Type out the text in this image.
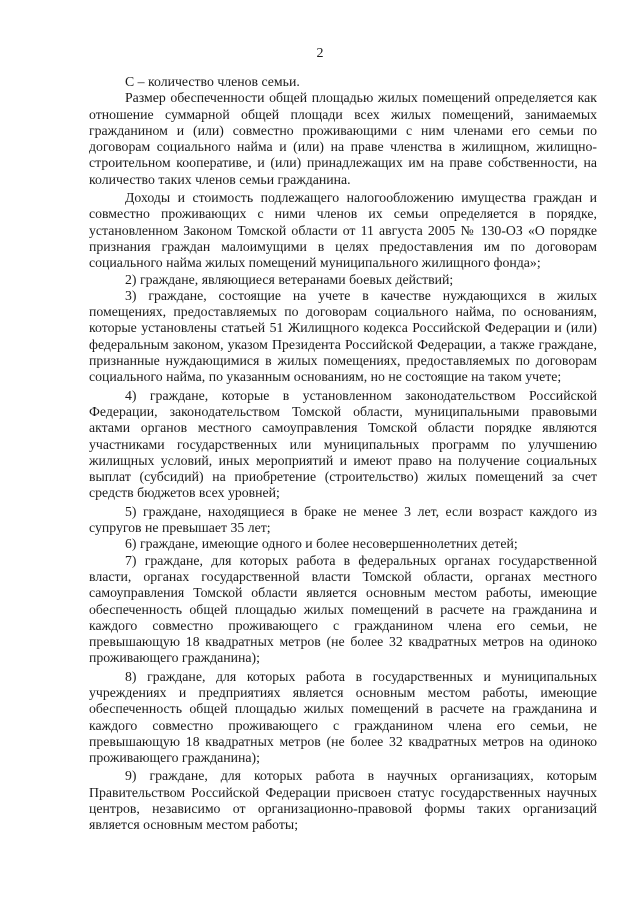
2

С – количество членов семьи.

Размер обеспеченности общей площадью жилых помещений определяется как отношение суммарной общей площади всех жилых помещений, занимаемых гражданином и (или) совместно проживающими с ним членами его семьи по договорам социального найма и (или) на праве членства в жилищном, жилищно-строительном кооперативе, и (или) принадлежащих им на праве собственности, на количество таких членов семьи гражданина.

Доходы и стоимость подлежащего налогообложению имущества граждан и совместно проживающих с ними членов их семьи определяется в порядке, установленном Законом Томской области от 11 августа 2005 № 130-ОЗ «О порядке признания граждан малоимущими в целях предоставления им по договорам социального найма жилых помещений муниципального жилищного фонда»;

2) граждане, являющиеся ветеранами боевых действий;

3) граждане, состоящие на учете в качестве нуждающихся в жилых помещениях, предоставляемых по договорам социального найма, по основаниям, которые установлены статьей 51 Жилищного кодекса Российской Федерации и (или) федеральным законом, указом Президента Российской Федерации, а также граждане, признанные нуждающимися в жилых помещениях, предоставляемых по договорам социального найма, по указанным основаниям, но не состоящие на таком учете;

4) граждане, которые в установленном законодательством Российской Федерации, законодательством Томской области, муниципальными правовыми актами органов местного самоуправления Томской области порядке являются участниками государственных или муниципальных программ по улучшению жилищных условий, иных мероприятий и имеют право на получение социальных выплат (субсидий) на приобретение (строительство) жилых помещений за счет средств бюджетов всех уровней;

5) граждане, находящиеся в браке не менее 3 лет, если возраст каждого из супругов не превышает 35 лет;

6) граждане, имеющие одного и более несовершеннолетних детей;

7) граждане, для которых работа в федеральных органах государственной власти, органах государственной власти Томской области, органах местного самоуправления Томской области является основным местом работы, имеющие обеспеченность общей площадью жилых помещений в расчете на гражданина и каждого совместно проживающего с гражданином члена его семьи, не превышающую 18 квадратных метров (не более 32 квадратных метров на одиноко проживающего гражданина);

8) граждане, для которых работа в государственных и муниципальных учреждениях и предприятиях является основным местом работы, имеющие обеспеченность общей площадью жилых помещений в расчете на гражданина и каждого совместно проживающего с гражданином члена его семьи, не превышающую 18 квадратных метров (не более 32 квадратных метров на одиноко проживающего гражданина);

9) граждане, для которых работа в научных организациях, которым Правительством Российской Федерации присвоен статус государственных научных центров, независимо от организационно-правовой формы таких организаций является основным местом работы;
